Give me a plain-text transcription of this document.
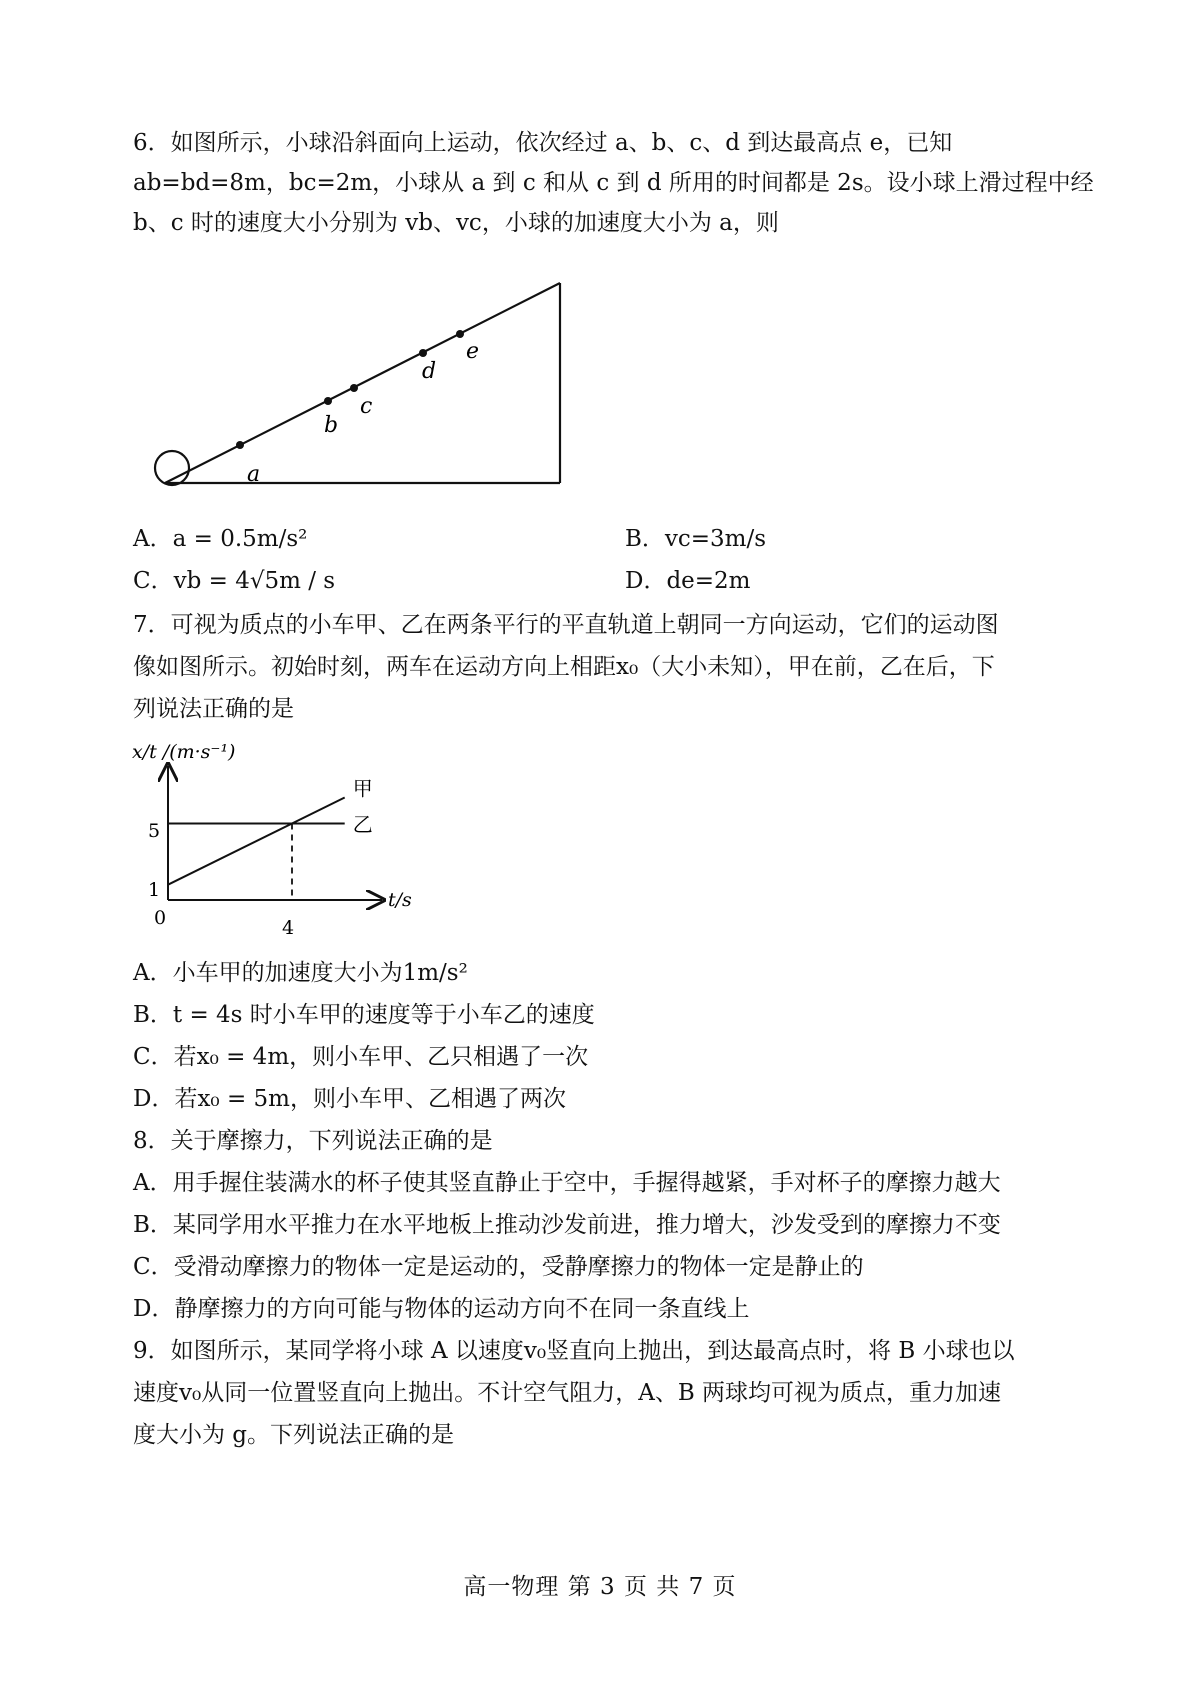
6．如图所示，小球沿斜面向上运动，依次经过 a、b、c、d 到达最高点 e，已知
ab=bd=8m，bc=2m，小球从 a 到 c 和从 c 到 d 所用的时间都是 2s。设小球上滑过程中经
b、c 时的速度大小分别为 vb、vc，小球的加速度大小为 a，则
a
b
c
d
e
A．a = 0.5m/s²	B．vc=3m/s
C．vb = 4√5m / s	D．de=2m
7．可视为质点的小车甲、乙在两条平行的平直轨道上朝同一方向运动，它们的运动图
像如图所示。初始时刻，两车在运动方向上相距x₀（大小未知），甲在前，乙在后，下
列说法正确的是
x/t /(m·s⁻¹)
t/s
5
1
0	4
甲
乙
A．小车甲的加速度大小为1m/s²
B．t = 4s 时小车甲的速度等于小车乙的速度
C．若x₀ = 4m，则小车甲、乙只相遇了一次
D．若x₀ = 5m，则小车甲、乙相遇了两次
8．关于摩擦力，下列说法正确的是
A．用手握住装满水的杯子使其竖直静止于空中，手握得越紧，手对杯子的摩擦力越大
B．某同学用水平推力在水平地板上推动沙发前进，推力增大，沙发受到的摩擦力不变
C．受滑动摩擦力的物体一定是运动的，受静摩擦力的物体一定是静止的
D．静摩擦力的方向可能与物体的运动方向不在同一条直线上
9．如图所示，某同学将小球 A 以速度v₀竖直向上抛出，到达最高点时，将 B 小球也以
速度v₀从同一位置竖直向上抛出。不计空气阻力，A、B 两球均可视为质点，重力加速
度大小为 g。下列说法正确的是
高一物理 第 3 页 共 7 页
